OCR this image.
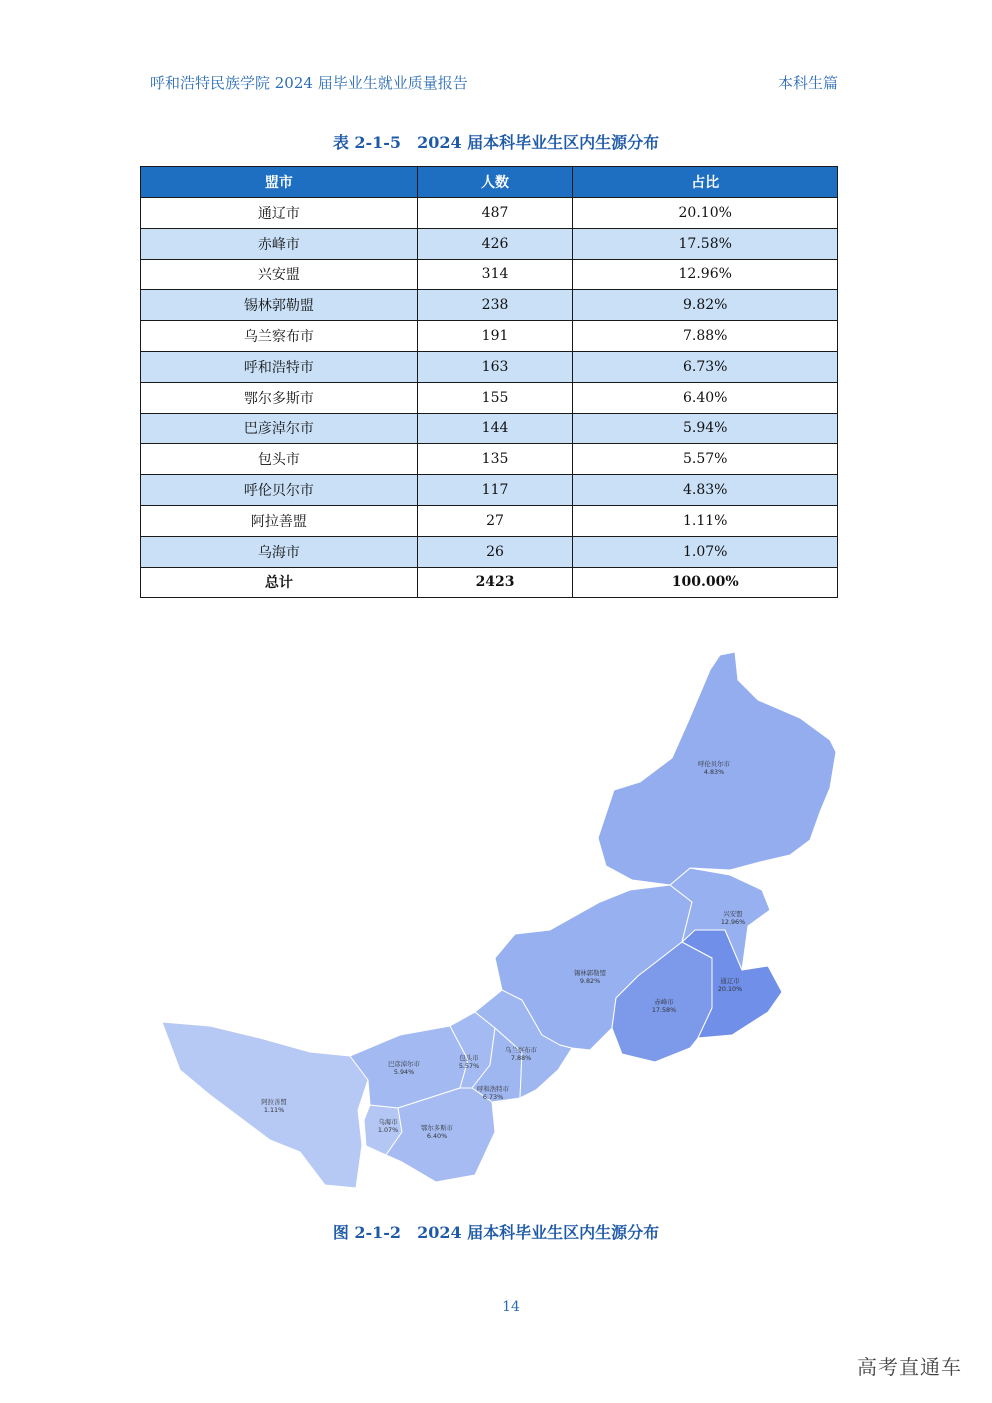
呼和浩特民族学院 2024 届毕业生就业质量报告	本科生篇
表 2-1-5 2024 届本科毕业生区内生源分布
盟市	人数	占比
通辽市	487	20.10%
赤峰市	426	17.58%
兴安盟	314	12.96%
锡林郭勒盟	238	9.82%
乌兰察布市	191	7.88%
呼和浩特市	163	6.73%
鄂尔多斯市	155	6.40%
巴彦淖尔市	144	5.94%
包头市	135	5.57%
呼伦贝尔市	117	4.83%
阿拉善盟	27	1.11%
乌海市	26	1.07%
总计	2423	100.00%
呼伦贝尔市
4.83%
兴安盟
12.96%
锡林郭勒盟
9.82%
赤峰市
17.58%
通辽市
20.10%
乌兰察布市
7.88%
包头市
5.57%
呼和浩特市
6.73%
巴彦淖尔市
5.94%
鄂尔多斯市
6.40%
乌海市
1.07%
阿拉善盟
1.11%
图 2-1-2 2024 届本科毕业生区内生源分布
14
高考直通车
